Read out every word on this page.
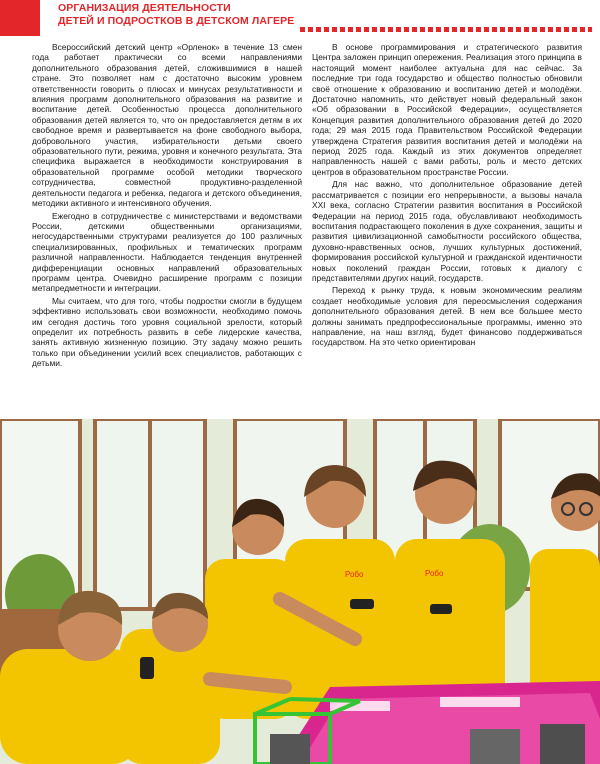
ОРГАНИЗАЦИЯ ДЕЯТЕЛЬНОСТИ
ДЕТЕЙ И ПОДРОСТКОВ В ДЕТСКОМ ЛАГЕРЕ

Всероссийский детский центр «Орленок» в течение 13 смен года работает практически со всеми направлениями дополнительного образования детей, сложившимися в нашей стране. Это позволяет нам с достаточно высоким уровнем ответственности говорить о плюсах и минусах результативности и влияния программ дополнительного образования на развитие и воспитание детей. Особенностью процесса дополнительного образования детей является то, что он предоставляется детям в их свободное время и развертывается на фоне свободного выбора, добровольного участия, избирательности детьми своего образовательного пути, режима, уровня и конечного результата. Эта специфика выражается в необходимости конструирования в образовательной программе особой методики творческого сотрудничества, совместной продуктивно-разделенной деятельности педагога и ребенка, педагога и детского объединения, методики активного и интенсивного обучения.

Ежегодно в сотрудничестве с министерствами и ведомствами России, детскими общественными организациями, негосударственными структурами реализуется до 100 различных специализированных, профильных и тематических программ различной направленности. Наблюдается тенденция внутренней дифференциации основных направлений образовательных программ центра. Очевидно расширение программ с позиции метапредметности и интеграции.

Мы считаем, что для того, чтобы подростки смогли в будущем эффективно использовать свои возможности, необходимо помочь им сегодня достичь того уровня социальной зрелости, который определит их потребность развить в себе лидерские качества, занять активную жизненную позицию. Эту задачу можно решить только при объединении усилий всех специалистов, работающих с детьми.

В основе программирования и стратегического развития Центра заложен принцип опережения. Реализация этого принципа в настоящий момент наиболее актуальна для нас сейчас. За последние три года государство и общество полностью обновили своё отношение к образованию и воспитанию детей и молодёжи. Достаточно напомнить, что действует новый федеральный закон «Об образовании в Российской Федерации», осуществляется Концепция развития дополнительного образования детей до 2020 года; 29 мая 2015 года Правительством Российской Федерации утверждена Стратегия развития воспитания детей и молодёжи на период 2025 года. Каждый из этих документов определяет направленность нашей с вами работы, роль и место детских центров в образовательном пространстве России.

Для нас важно, что дополнительное образование детей рассматривается с позиции его непрерывности, а вызовы начала XXI века, согласно Стратегии развития воспитания в Российской Федерации на период 2015 года, обуславливают необходимость воспитания подрастающего поколения в духе сохранения, защиты и развития цивилизационной самобытности российского общества, духовно-нравственных основ, лучших культурных достижений, формирования российской культурной и гражданской идентичности новых поколений граждан России, готовых к диалогу с представителями других наций, государств.

Переход к рынку труда, к новым экономическим реалиям создает необходимые условия для переосмысления содержания дополнительного образования детей. В нем все большее место должны занимать предпрофессиональные программы, именно это направление, на наш взгляд, будет финансово поддерживаться государством. На это четко ориентирован

Робо
Робо
